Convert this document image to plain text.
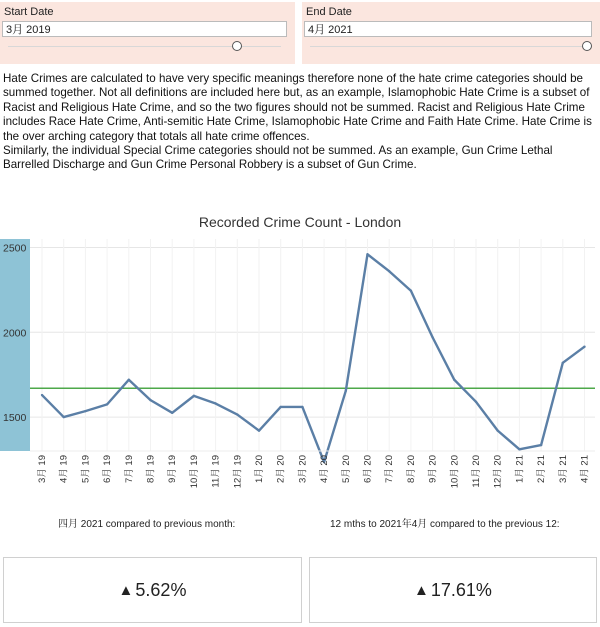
Start Date
3月 2019
End Date
4月 2021

Hate Crimes are calculated to have very specific meanings therefore none of the hate crime categories should be summed together. Not all definitions are included here but, as an example, Islamophobic Hate Crime is a subset of Racist and Religious Hate Crime, and so the two figures should not be summed. Racist and Religious Hate Crime includes Race Hate Crime, Anti-semitic Hate Crime, Islamophobic Hate Crime and Faith Hate Crime. Hate Crime is the over arching category that totals all hate crime offences.

Similarly, the individual Special Crime categories should not be summed. As an example, Gun Crime Lethal Barrelled Discharge and Gun Crime Personal Robbery is a subset of Gun Crime.

Recorded Crime Count - London
1500
2000
2500
3月 19 4月 19 5月 19 6月 19 7月 19 8月 19 9月 19 10月 19 11月 19 12月 19 1月 20 2月 20 3月 20 4月 20 5月 20 6月 20 7月 20 8月 20 9月 20 10月 20 11月 20 12月 20 1月 21 2月 21 3月 21 4月 21
四月 2021 compared to previous month:	12 mths to 2021年4月 compared to the previous 12:
▲ 5.62%	▲ 17.61%
